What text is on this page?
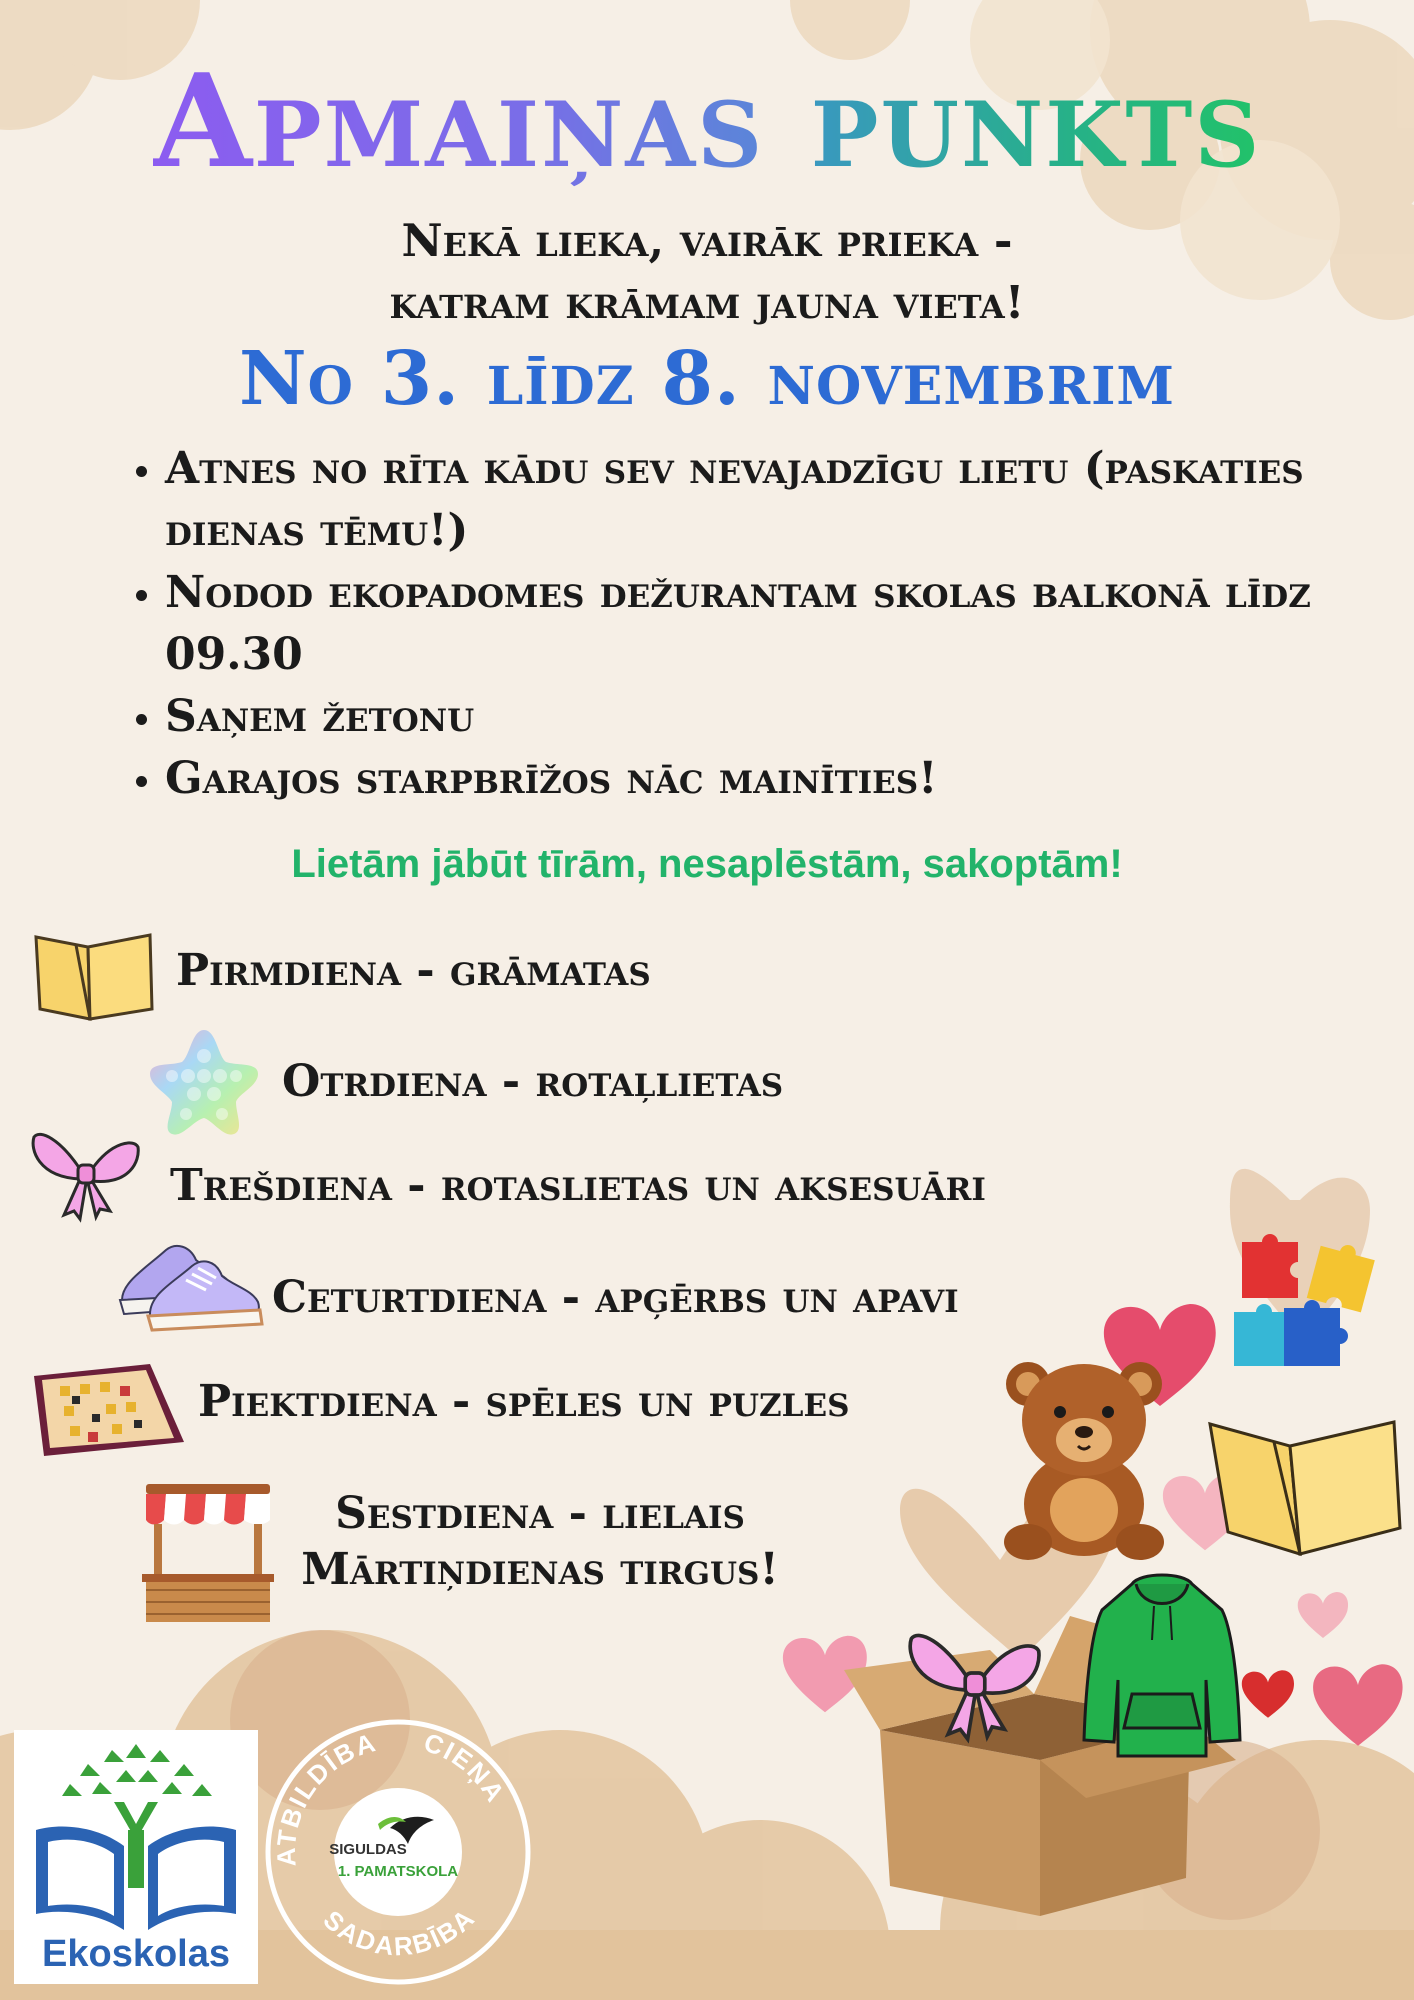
Apmaiņas punkts
Nekā lieka, vairāk prieka -
katram krāmam jauna vieta!
No 3. līdz 8. novembrim
• Atnes no rīta kādu sev nevajadzīgu lietu (paskaties dienas tēmu!)
• Nodod ekopadomes dežurantam skolas balkonā līdz 09.30
• Saņem žetonu
• Garajos starpbrīžos nāc mainīties!
Lietām jābūt tīrām, nesaplēstām, sakoptām!
Pirmdiena - grāmatas
Otrdiena - rotaļlietas
Trešdiena - rotaslietas un aksesuāri
Ceturtdiena - apģērbs un apavi
Piektdiena - spēles un puzles
Sestdiena - lielais
Mārtiņdienas tirgus!
Ekoskolas
ATBILDĪBA CIEŅA
SADARBĪBA
SIGULDAS
1. PAMATSKOLA
